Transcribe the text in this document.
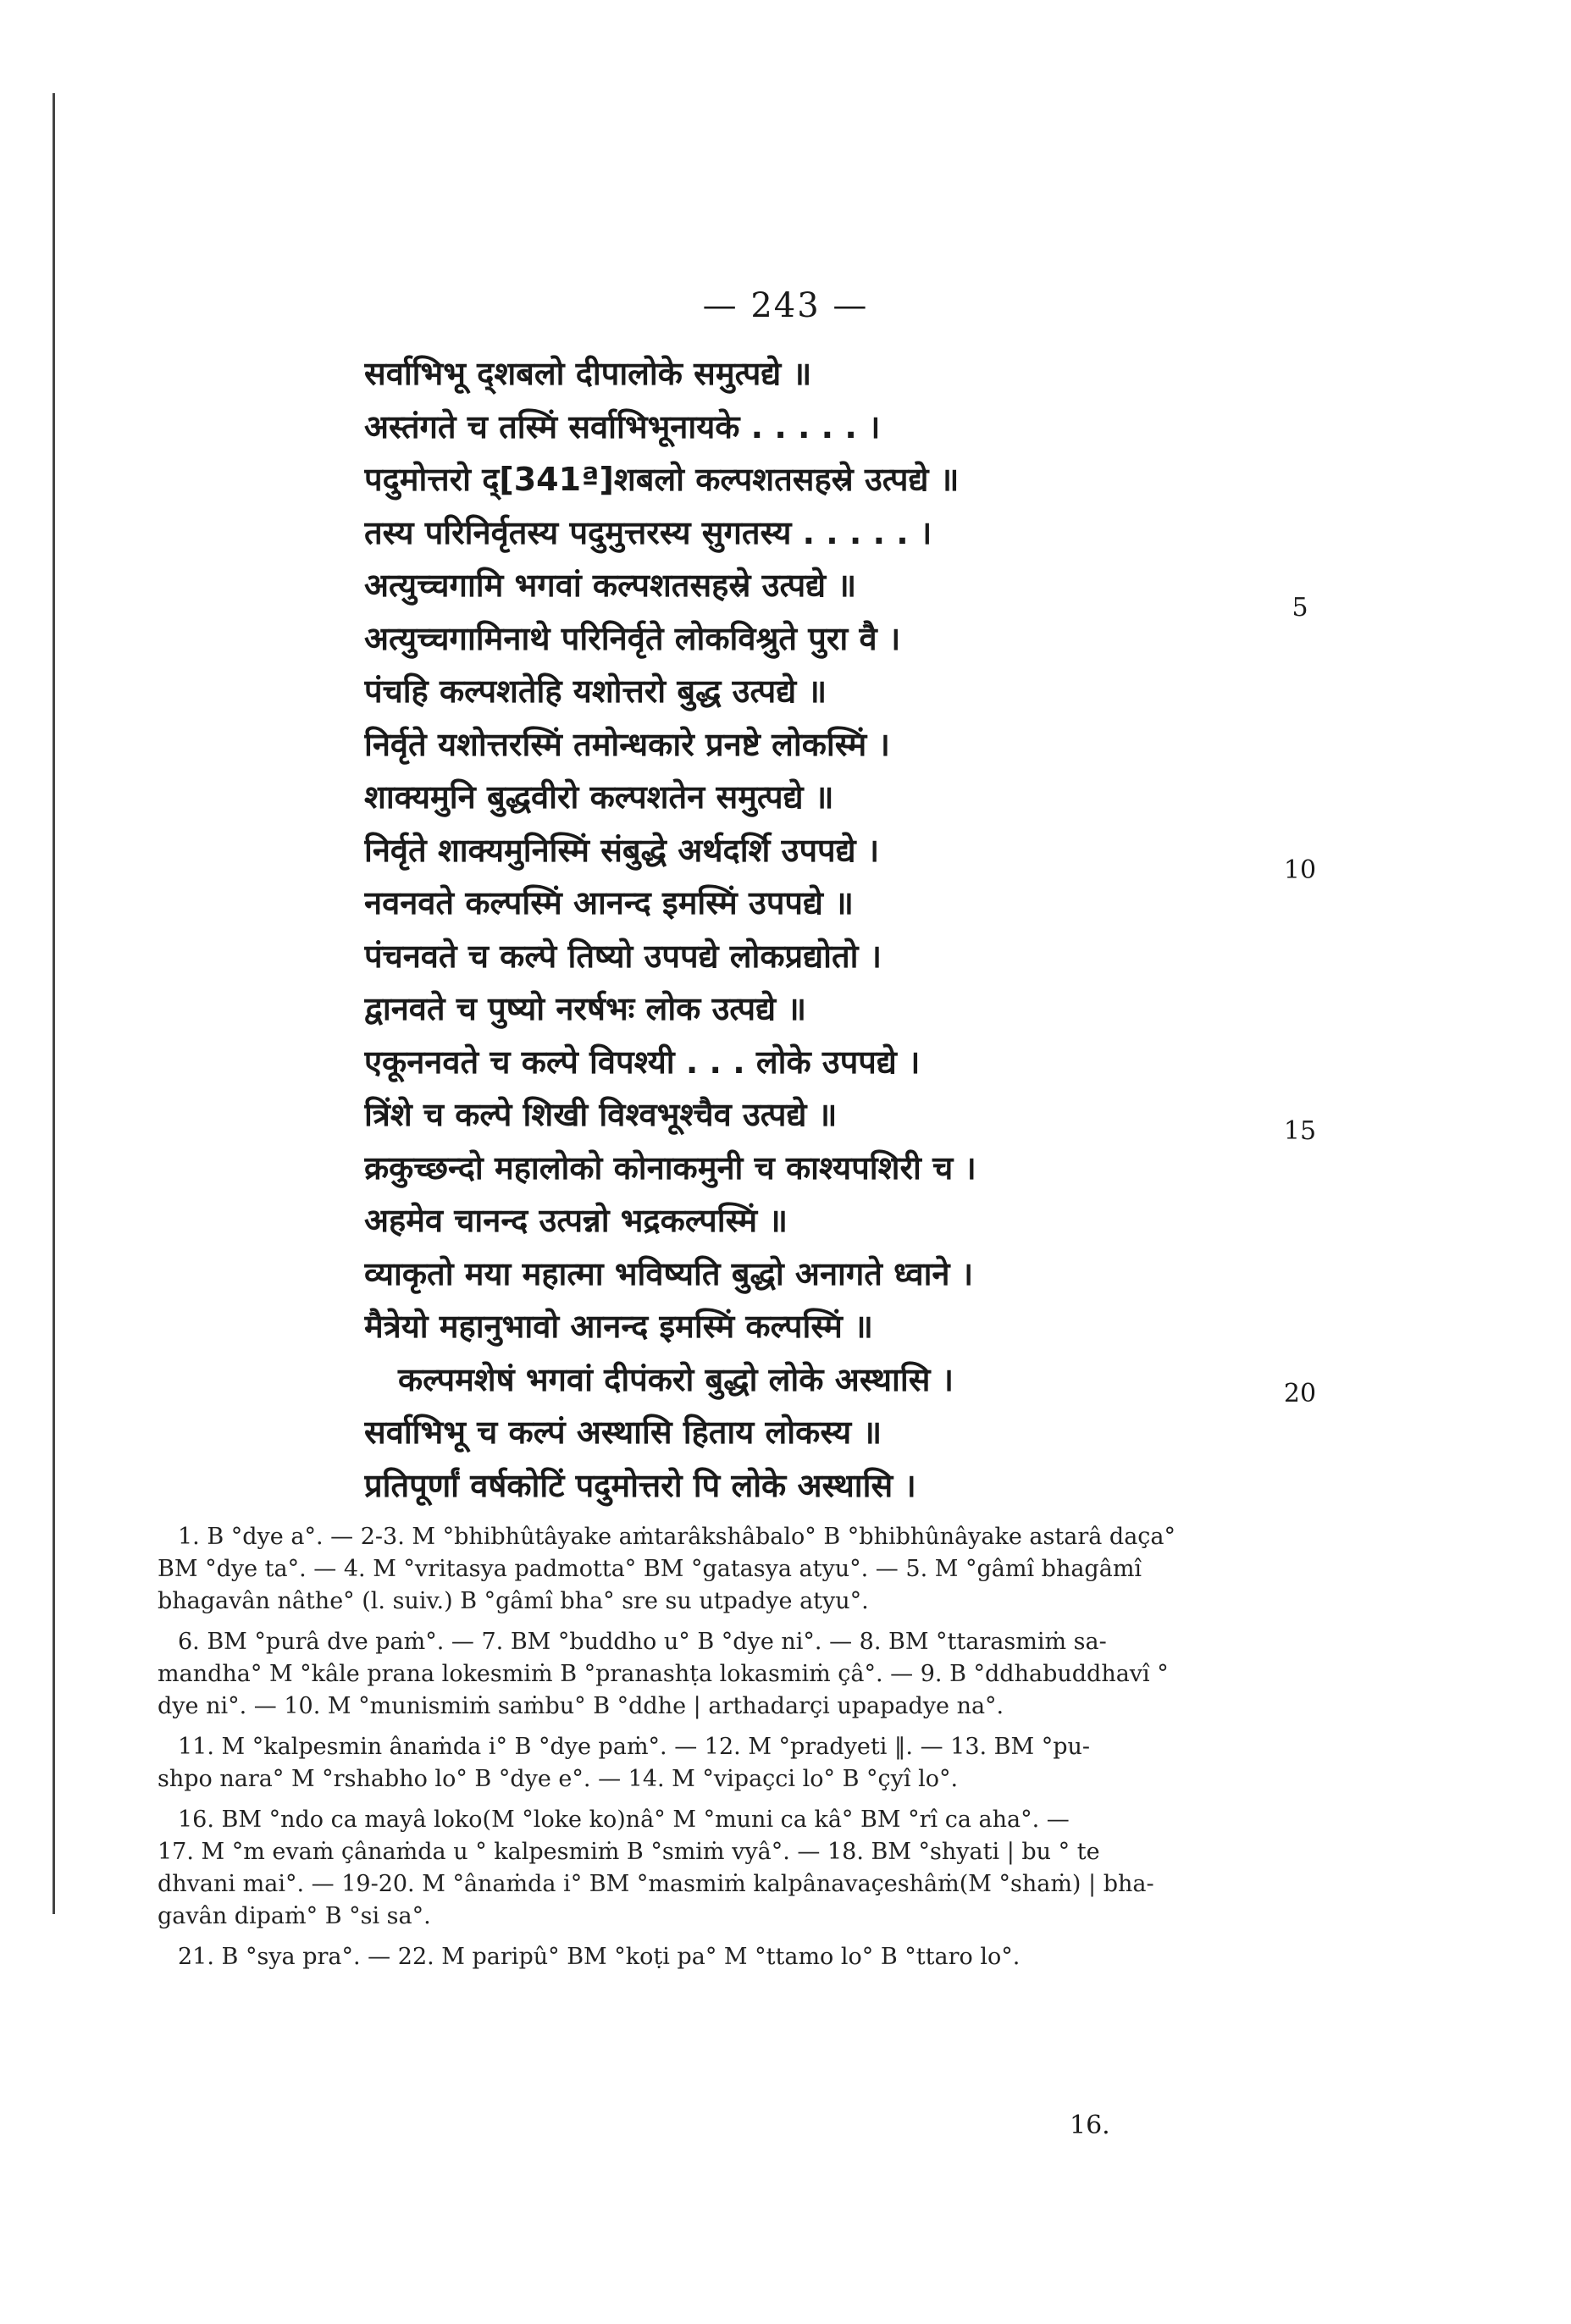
— 243 —
सर्वाभिभू द्शबलो दीपालोके समुत्पद्ये ॥
अस्तंगते च तस्मिं सर्वाभिभूनायके . . . . . ।
पदुमोत्तरो द्[341ª]शबलो कल्पशतसहस्रे उत्पद्ये ॥
तस्य परिनिर्वृतस्य पदुमुत्तरस्य सुगतस्य . . . . . ।
अत्युच्चगामि भगवां कल्पशतसहस्रे उत्पद्ये ॥
अत्युच्चगामिनाथे परिनिर्वृते लोकविश्रुते पुरा वै ।
पंचहि कल्पशतेहि यशोत्तरो बुद्ध उत्पद्ये ॥
निर्वृते यशोत्तरस्मिं तमोन्धकारे प्रनष्टे लोकस्मिं ।
शाक्यमुनि बुद्धवीरो कल्पशतेन समुत्पद्ये ॥
निर्वृते शाक्यमुनिस्मिं संबुद्धे अर्थदर्शि उपपद्ये ।
नवनवते कल्पस्मिं आनन्द इमस्मिं उपपद्ये ॥
पंचनवते च कल्पे तिष्यो उपपद्ये लोकप्रद्योतो ।
द्वानवते च पुष्यो नरर्षभः लोक उत्पद्ये ॥
एकूननवते च कल्पे विपश्यी . . . लोके उपपद्ये ।
त्रिंशे च कल्पे शिखी विश्वभूश्चैव उत्पद्ये ॥
क्रकुच्छन्दो महालोको कोनाकमुनी च काश्यपशिरी च ।
अहमेव चानन्द उत्पन्नो भद्रकल्पस्मिं ॥
व्याकृतो मया महात्मा भविष्यति बुद्धो अनागते ध्वाने ।
मैत्रेयो महानुभावो आनन्द इमस्मिं कल्पस्मिं ॥
कल्पमशेषं भगवां दीपंकरो बुद्धो लोके अस्थासि ।
सर्वाभिभू च कल्पं अस्थासि हिताय लोकस्य ॥
प्रतिपूर्णां वर्षकोटिं पदुमोत्तरो पि लोके अस्थासि ।
5
10
15
20
1. B °dye a°. — 2-3. M °bhibhûtâyake aṁtarâkshâbalo° B °bhibhûnâyake astarâ daça°
BM °dye ta°. — 4. M °vritasya padmotta° BM °gatasya atyu°. — 5. M °gâmî bhagâmî
bhagavân nâthe° (l. suiv.) B °gâmî bha° sre su utpadye atyu°.
6. BM °purâ dve paṁ°. — 7. BM °buddho u° B °dye ni°. — 8. BM °ttarasmiṁ sa-
mandha° M °kâle prana lokesmiṁ B °pranashṭa lokasmiṁ çâ°. — 9. B °ddhabuddhavî °
dye ni°. — 10. M °munismiṁ saṁbu° B °ddhe | arthadarçi upapadye na°.
11. M °kalpesmin ânaṁda i° B °dye paṁ°. — 12. M °pradyeti ‖. — 13. BM °pu-
shpo nara° M °rshabho lo° B °dye e°. — 14. M °vipaçci lo° B °çyî lo°.
16. BM °ndo ca mayâ loko(M °loke ko)nâ° M °muni ca kâ° BM °rî ca aha°. —
17. M °m evaṁ çânaṁda u ° kalpesmiṁ B °smiṁ vyâ°. — 18. BM °shyati | bu ° te
dhvani mai°. — 19-20. M °ânaṁda i° BM °masmiṁ kalpânavaçeshâṁ(M °shaṁ) | bha-
gavân dipaṁ° B °si sa°.
21. B °sya pra°. — 22. M paripû° BM °koṭi pa° M °ttamo lo° B °ttaro lo°.
16.
